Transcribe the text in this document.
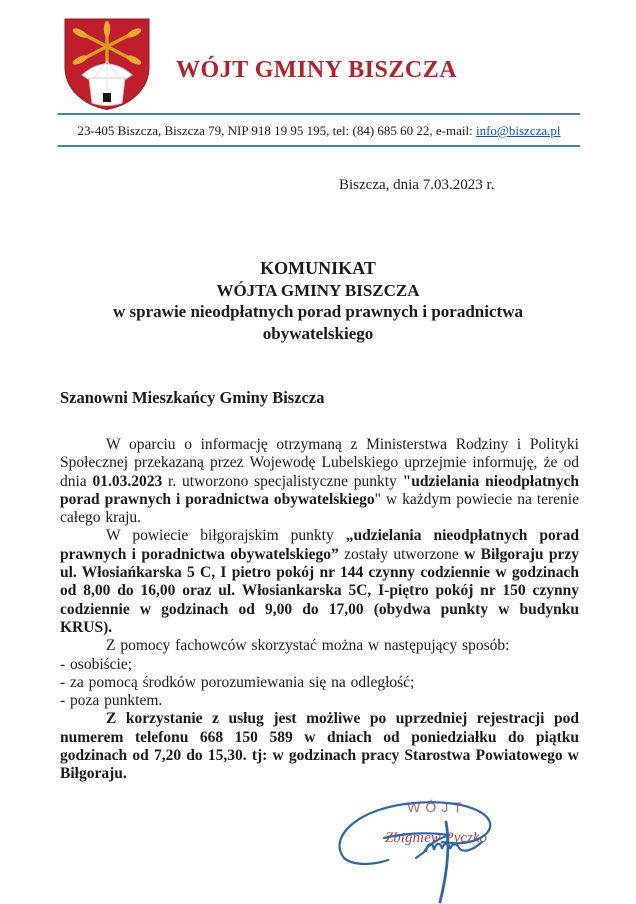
WÓJT GMINY BISZCZA
23-405 Biszcza, Biszcza 79, NIP 918 19 95 195, tel: (84) 685 60 22, e-mail: info@biszcza.pl
Biszcza, dnia 7.03.2023 r.
KOMUNIKAT
WÓJTA GMINY BISZCZA
w sprawie nieodpłatnych porad prawnych i poradnictwa obywatelskiego
Szanowni Mieszkańcy Gminy Biszcza

W oparciu o informację otrzymaną z Ministerstwa Rodziny i Polityki Społecznej przekazaną przez Wojewodę Lubelskiego uprzejmie informuję, że od dnia 01.03.2023 r. utworzono specjalistyczne punkty "udzielania nieodpłatnych porad prawnych i poradnictwa obywatelskiego" w każdym powiecie na terenie całego kraju.

W powiecie biłgorajskim punkty „udzielania nieodpłatnych porad prawnych i poradnictwa obywatelskiego” zostały utworzone w Biłgoraju przy ul. Włosiańkarska 5 C, I pietro pokój nr 144 czynny codziennie w godzinach od 8,00 do 16,00 oraz ul. Włosiankarska 5C, I-piętro pokój nr 150 czynny codziennie w godzinach od 9,00 do 17,00 (obydwa punkty w budynku KRUS).

Z pomocy fachowców skorzystać można w następujący sposób:

- osobiście;
- za pomocą środków porozumiewania się na odległość;
- poza punktem.

Z korzystanie z usług jest możliwe po uprzedniej rejestracji pod numerem telefonu 668 150 589 w dniach od poniedziałku do piątku godzinach od 7,20 do 15,30. tj: w godzinach pracy Starostwa Powiatowego w Biłgoraju.

WÓJT
Zbigniew Pyczko
